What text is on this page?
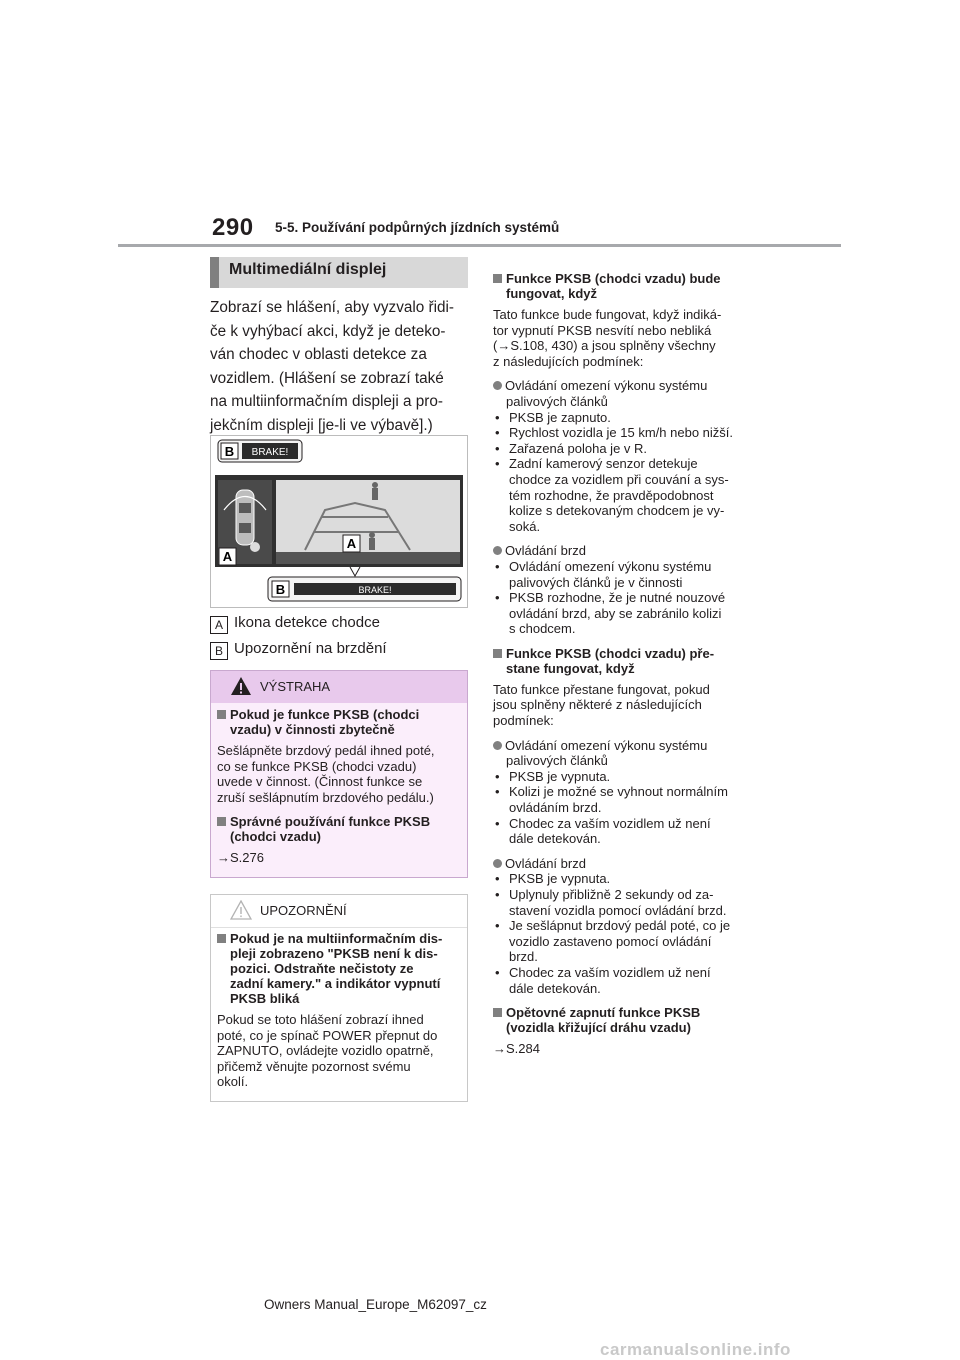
290 5-5. Používání podpůrných jízdních systémů
Multimediální displej
Zobrazí se hlášení, aby vyzvalo řidi-
če k vyhýbací akci, když je deteko-
ván chodec v oblasti detekce za
vozidlem. (Hlášení se zobrazí také
na multiinformačním displeji a pro-
jekčním displeji [je-li ve výbavě].)
B BRAKE!
A
A
B	BRAKE!
A Ikona detekce chodce
B Upozornění na brzdění
VÝSTRAHA
Pokud je funkce PKSB (chodci
vzadu) v činnosti zbytečně
Sešlápněte brzdový pedál ihned poté,
co se funkce PKSB (chodci vzadu)
uvede v činnost. (Činnost funkce se
zruší sešlápnutím brzdového pedálu.)
Správné používání funkce PKSB
(chodci vzadu)
→S.276
UPOZORNĚNÍ
Pokud je na multiinformačním dis-
pleji zobrazeno "PKSB není k dis-
pozici. Odstraňte nečistoty ze
zadní kamery." a indikátor vypnutí
PKSB bliká
Pokud se toto hlášení zobrazí ihned
poté, co je spínač POWER přepnut do
ZAPNUTO, ovládejte vozidlo opatrně,
přičemž věnujte pozornost svému
okolí.
Funkce PKSB (chodci vzadu) bude
fungovat, když
Tato funkce bude fungovat, když indiká-
tor vypnutí PKSB nesvítí nebo nebliká
(→S.108, 430) a jsou splněny všechny
z následujících podmínek:
Ovládání omezení výkonu systému
palivových článků
• PKSB je zapnuto.
• Rychlost vozidla je 15 km/h nebo nižší.
• Zařazená poloha je v R.
• Zadní kamerový senzor detekuje
chodce za vozidlem při couvání a sys-
tém rozhodne, že pravděpodobnost
kolize s detekovaným chodcem je vy-
soká.
Ovládání brzd
• Ovládání omezení výkonu systému
palivových článků je v činnosti
• PKSB rozhodne, že je nutné nouzové
ovládání brzd, aby se zabránilo kolizi
s chodcem.
Funkce PKSB (chodci vzadu) pře-
stane fungovat, když
Tato funkce přestane fungovat, pokud
jsou splněny některé z následujících
podmínek:
Ovládání omezení výkonu systému
palivových článků
• PKSB je vypnuta.
• Kolizi je možné se vyhnout normálním
ovládáním brzd.
• Chodec za vaším vozidlem už není
dále detekován.
Ovládání brzd
• PKSB je vypnuta.
• Uplynuly přibližně 2 sekundy od za-
stavení vozidla pomocí ovládání brzd.
• Je sešlápnut brzdový pedál poté, co je
vozidlo zastaveno pomocí ovládání
brzd.
• Chodec za vaším vozidlem už není
dále detekován.
Opětovné zapnutí funkce PKSB
(vozidla křižující dráhu vzadu)
→S.284
Owners Manual_Europe_M62097_cz
carmanualsonline.info
